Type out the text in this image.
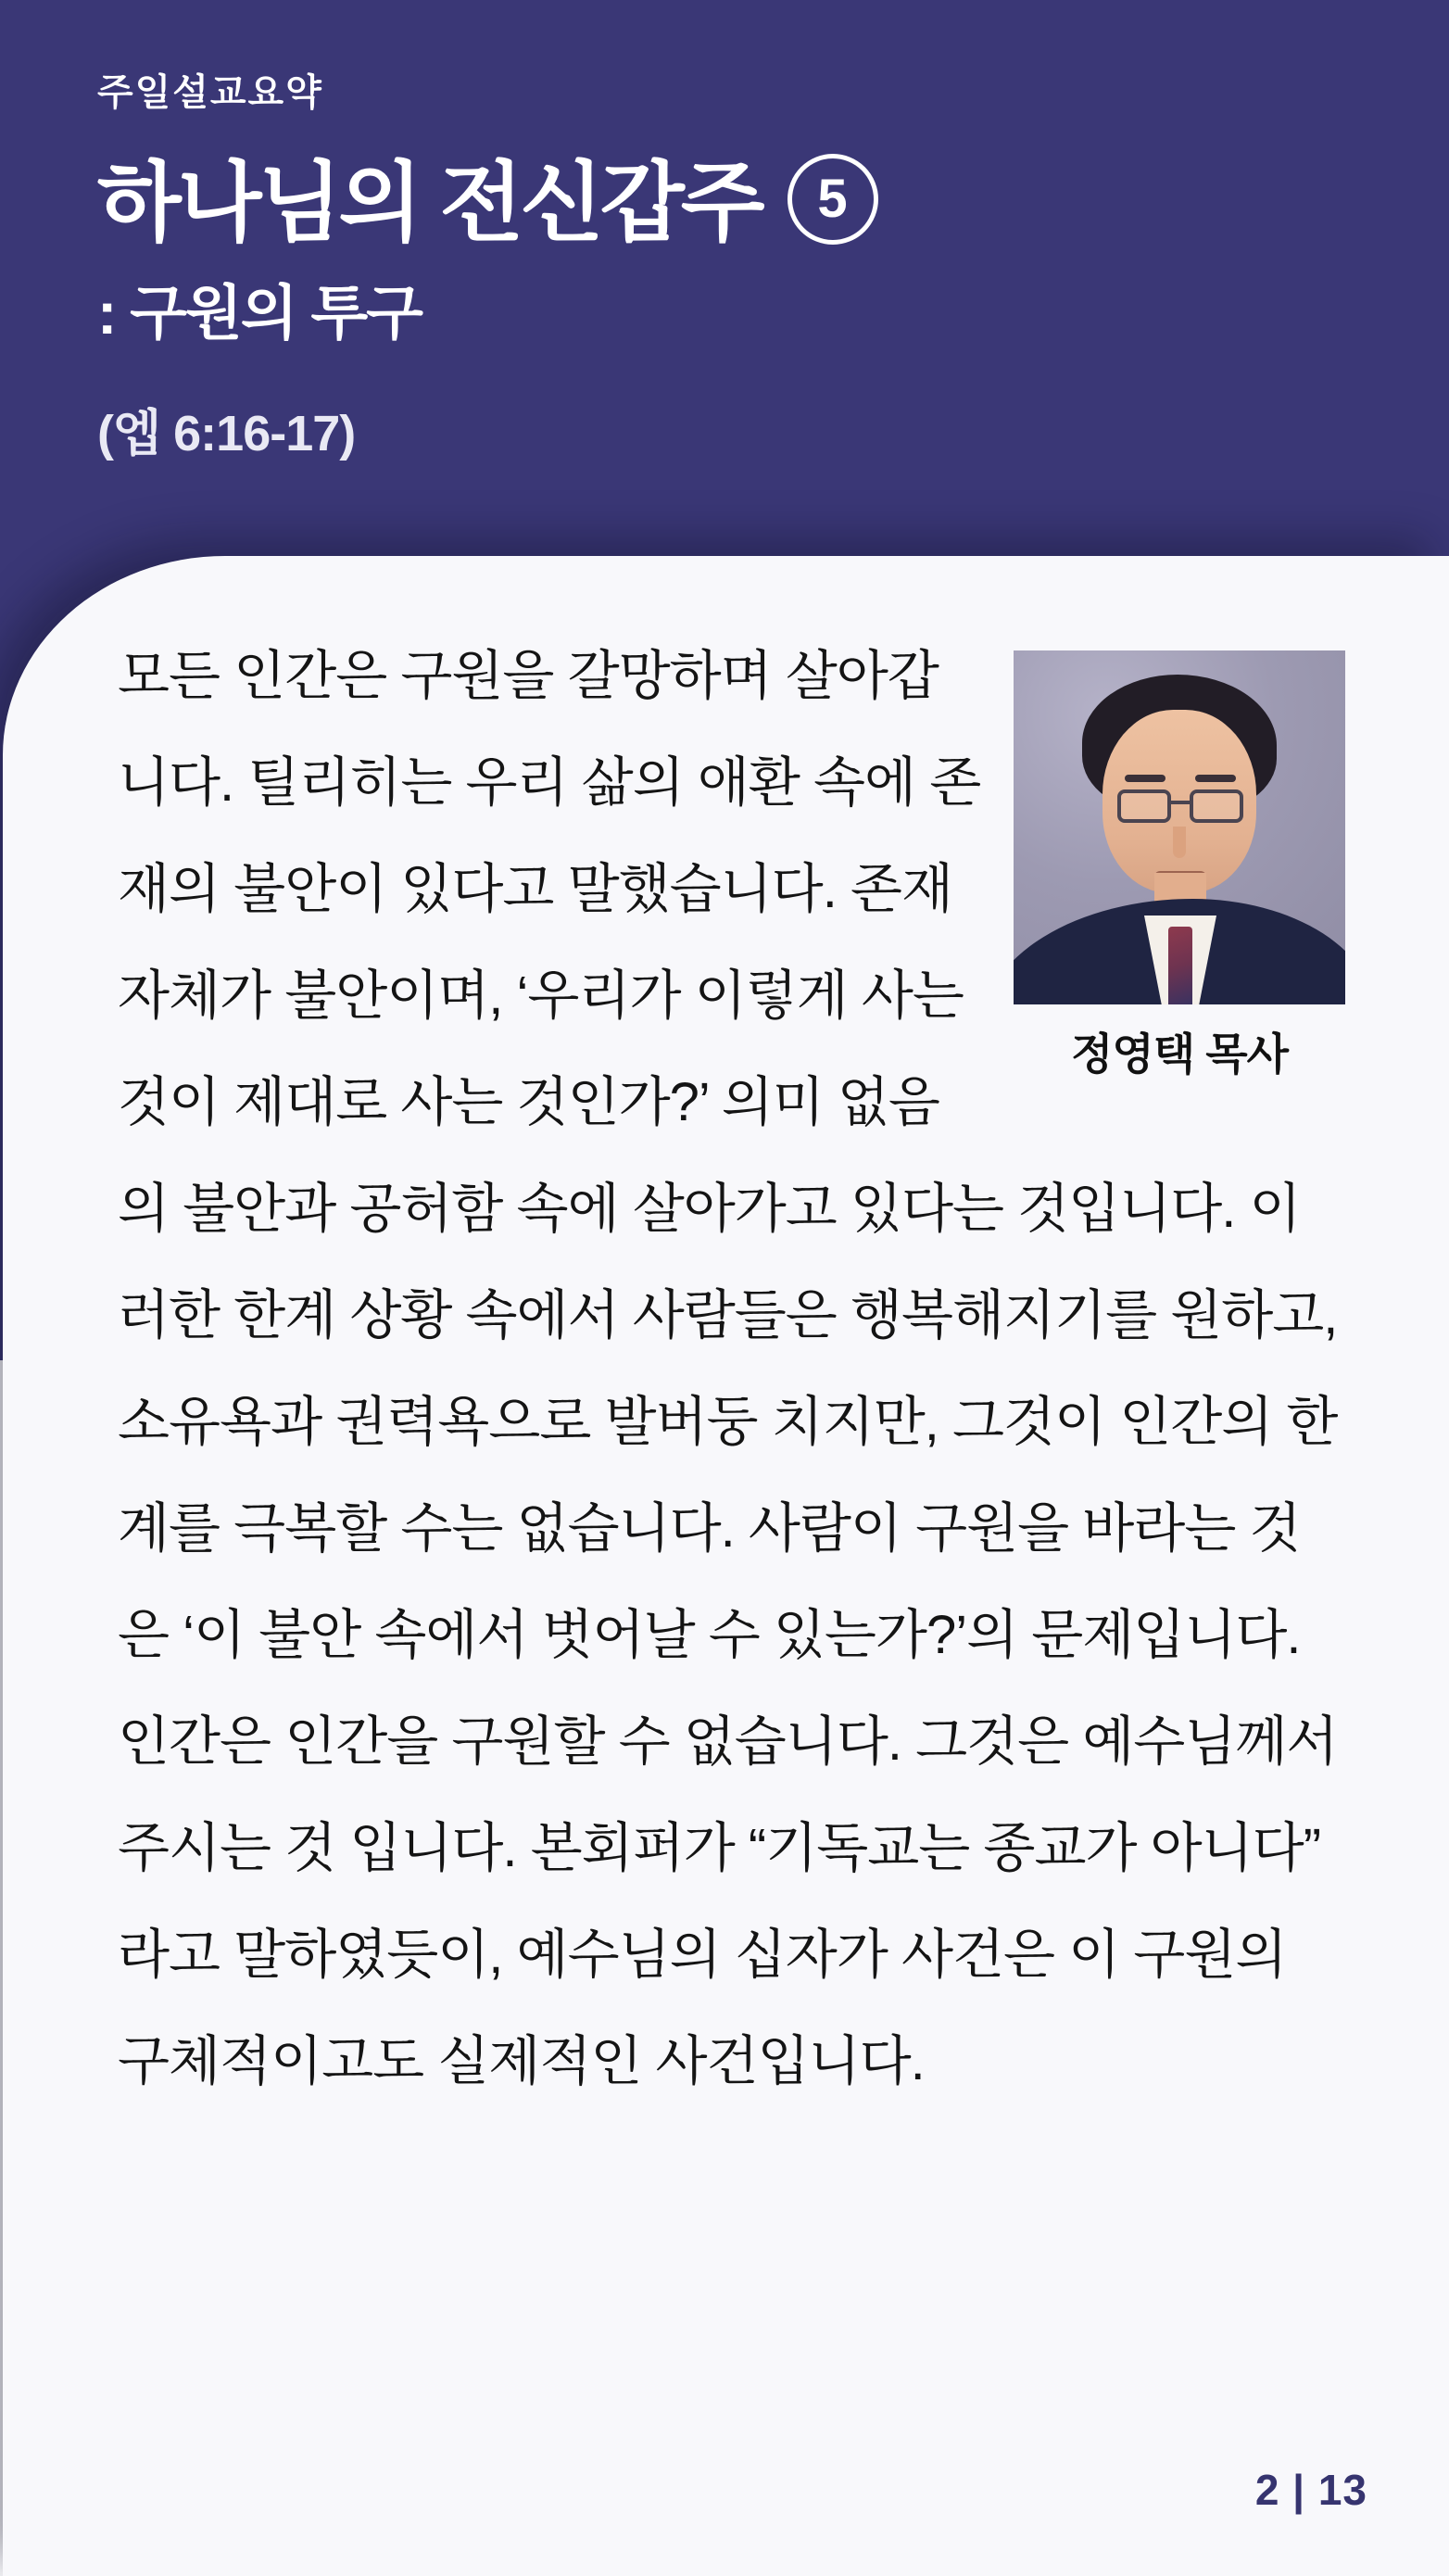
주일설교요약
하나님의 전신갑주 5
: 구원의 투구
(엡 6:16-17)
정영택 목사

모든 인간은 구원을 갈망하며 살아갑니다. 틸리히는 우리 삶의 애환 속에 존재의 불안이 있다고 말했습니다. 존재 자체가 불안이며, ‘우리가 이렇게 사는 것이 제대로 사는 것인가?’ 의미 없음의 불안과 공허함 속에 살아가고 있다는 것입니다. 이러한 한계 상황 속에서 사람들은 행복해지기를 원하고, 소유욕과 권력욕으로 발버둥 치지만, 그것이 인간의 한계를 극복할 수는 없습니다. 사람이 구원을 바라는 것은 ‘이 불안 속에서 벗어날 수 있는가?’의 문제입니다. 인간은 인간을 구원할 수 없습니다. 그것은 예수님께서 주시는 것 입니다. 본회퍼가 “기독교는 종교가 아니다” 라고 말하였듯이, 예수님의 십자가 사건은 이 구원의 구체적이고도 실제적인 사건입니다.

2 | 13
